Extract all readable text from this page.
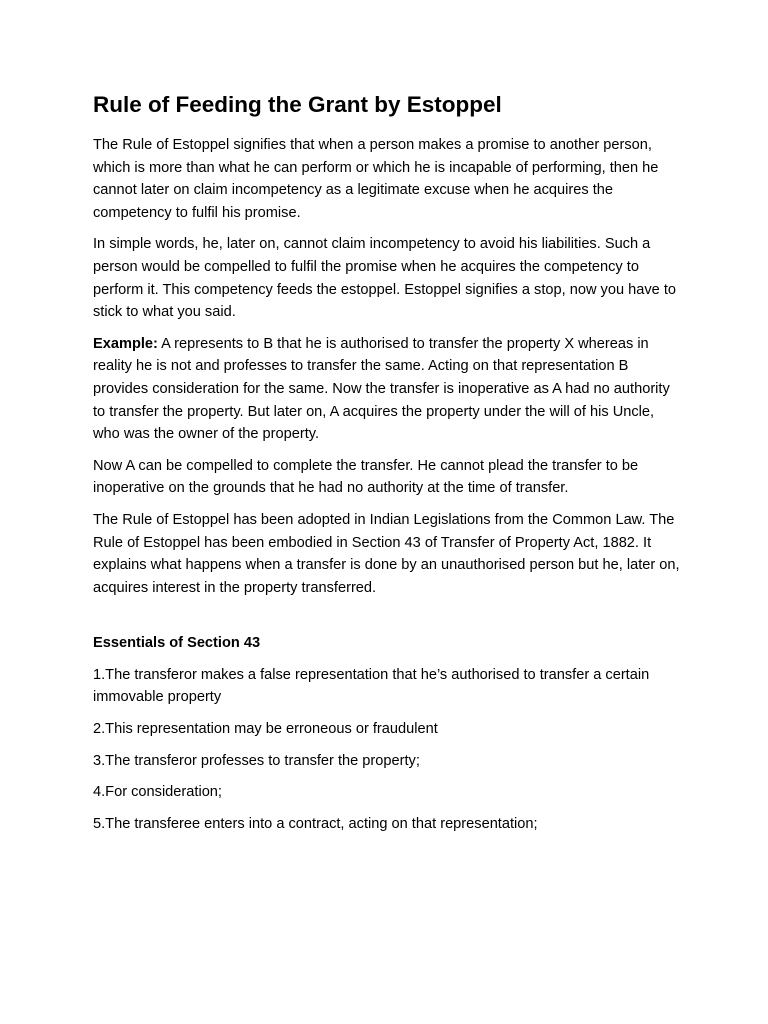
Rule of Feeding the Grant by Estoppel

The Rule of Estoppel signifies that when a person makes a promise to another person, which is more than what he can perform or which he is incapable of performing, then he cannot later on claim incompetency as a legitimate excuse when he acquires the competency to fulfil his promise.

In simple words, he, later on, cannot claim incompetency to avoid his liabilities. Such a person would be compelled to fulfil the promise when he acquires the competency to perform it. This competency feeds the estoppel. Estoppel signifies a stop, now you have to stick to what you said.

Example: A represents to B that he is authorised to transfer the property X whereas in reality he is not and professes to transfer the same. Acting on that representation B provides consideration for the same. Now the transfer is inoperative as A had no authority to transfer the property. But later on, A acquires the property under the will of his Uncle, who was the owner of the property.

Now A can be compelled to complete the transfer. He cannot plead the transfer to be inoperative on the grounds that he had no authority at the time of transfer.

The Rule of Estoppel has been adopted in Indian Legislations from the Common Law. The Rule of Estoppel has been embodied in Section 43 of Transfer of Property Act, 1882. It explains what happens when a transfer is done by an unauthorised person but he, later on, acquires interest in the property transferred.

Essentials of Section 43
1.The transferor makes a false representation that he’s authorised to transfer a certain immovable property
2.This representation may be erroneous or fraudulent
3.The transferor professes to transfer the property;
4.For consideration;
5.The transferee enters into a contract, acting on that representation;
